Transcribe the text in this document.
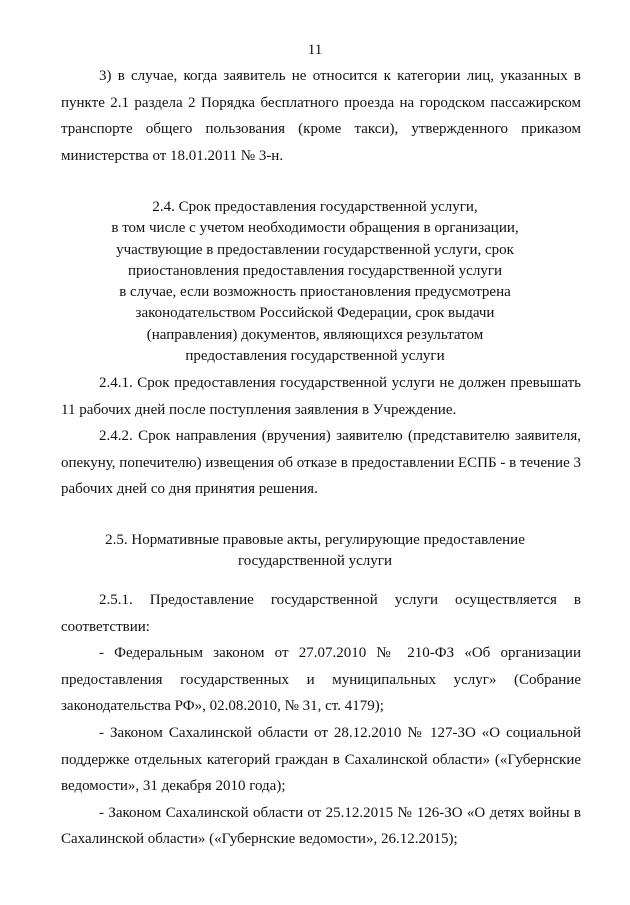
11

3) в случае, когда заявитель не относится к категории лиц, указанных в пункте 2.1 раздела 2 Порядка бесплатного проезда на городском пассажирском транспорте общего пользования (кроме такси), утвержденного приказом министерства от 18.01.2011 № 3-н.

2.4. Срок предоставления государственной услуги,
в том числе с учетом необходимости обращения в организации,
участвующие в предоставлении государственной услуги, срок
приостановления предоставления государственной услуги
в случае, если возможность приостановления предусмотрена
законодательством Российской Федерации, срок выдачи
(направления) документов, являющихся результатом
предоставления государственной услуги

2.4.1. Срок предоставления государственной услуги не должен превышать 11 рабочих дней после поступления заявления в Учреждение.

2.4.2. Срок направления (вручения) заявителю (представителю заявителя, опекуну, попечителю) извещения об отказе в предоставлении ЕСПБ - в течение 3 рабочих дней со дня принятия решения.

2.5. Нормативные правовые акты, регулирующие предоставление
государственной услуги

2.5.1. Предоставление государственной услуги осуществляется в соответствии:

- Федеральным законом от 27.07.2010 № 210-ФЗ «Об организации предоставления государственных и муниципальных услуг» (Собрание законодательства РФ», 02.08.2010, № 31, ст. 4179);

- Законом Сахалинской области от 28.12.2010 № 127-ЗО «О социальной поддержке отдельных категорий граждан в Сахалинской области» («Губернские ведомости», 31 декабря 2010 года);

- Законом Сахалинской области от 25.12.2015 № 126-ЗО «О детях войны в Сахалинской области» («Губернские ведомости», 26.12.2015);
